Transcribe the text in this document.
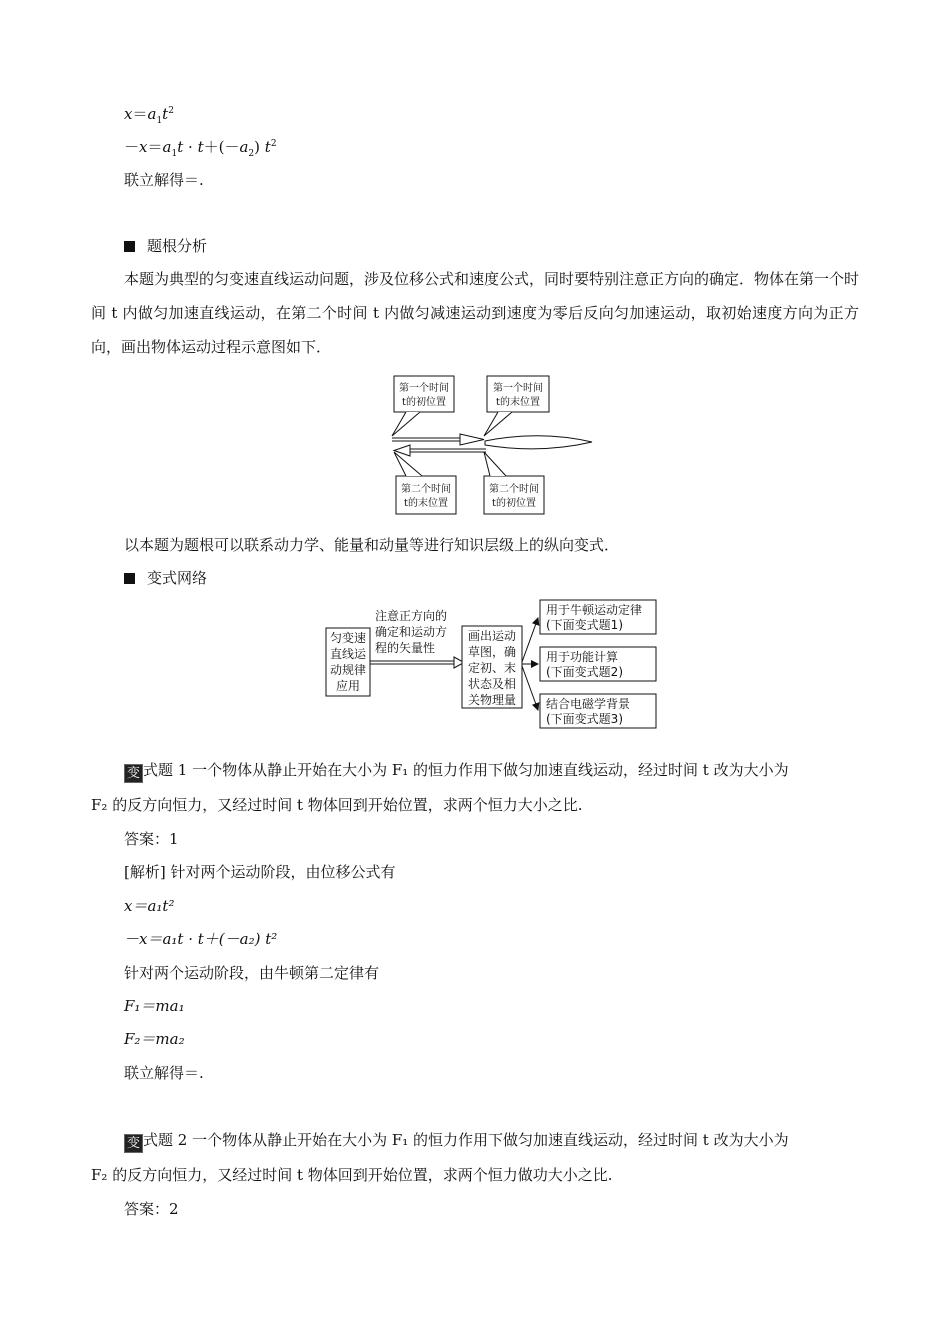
$x=a_1t^2$
$-x=a_1t \cdot t+(-a_2)$ $t^2$
联立解得＝.
题根分析
本题为典型的匀变速直线运动问题，涉及位移公式和速度公式，同时要特别注意正方向的确定．物体在第一个时间 t 内做匀加速直线运动，在第二个时间 t 内做匀减速运动到速度为零后反向匀加速运动，取初始速度方向为正方向，画出物体运动过程示意图如下．
第一个时间
t的初位置
第一个时间
t的末位置
第二个时间
t的末位置
第二个时间
t的初位置
以本题为题根可以联系动力学、能量和动量等进行知识层级上的纵向变式．
变式网络
匀变速
直线运
动规律
应用
注意正方向的
确定和运动方
程的矢量性
画出运动
草图，确
定初、末
状态及相
关物理量
用于牛顿运动定律
(下面变式题1)
用于功能计算
(下面变式题2)
结合电磁学背景
(下面变式题3)
变 式题 1 一个物体从静止开始在大小为 F₁ 的恒力作用下做匀加速直线运动，经过时间 t 改为大小为
F₂ 的反方向恒力，又经过时间 t 物体回到开始位置，求两个恒力大小之比.
答案：1
[解析] 针对两个运动阶段，由位移公式有
x＝a₁t²
－x＝a₁t · t＋(－a₂) t²
针对两个运动阶段，由牛顿第二定律有
F₁＝ma₁
F₂＝ma₂
联立解得＝.
变 式题 2 一个物体从静止开始在大小为 F₁ 的恒力作用下做匀加速直线运动，经过时间 t 改为大小为
F₂ 的反方向恒力，又经过时间 t 物体回到开始位置，求两个恒力做功大小之比.
答案：2
